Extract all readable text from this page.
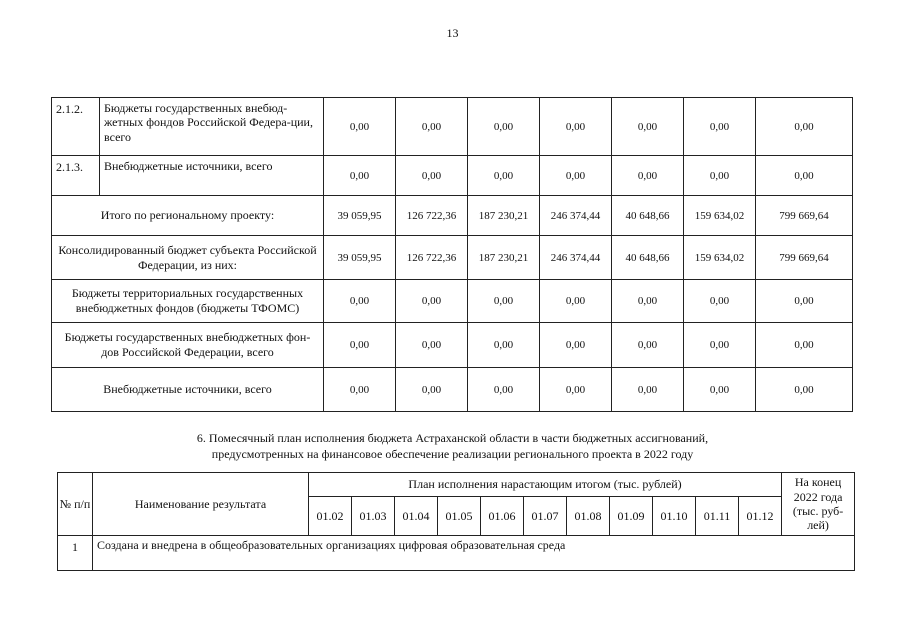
13
2.1.2.	Бюджеты государственных внебюд-жетных фондов Российской Федера-ции, всего	0,00	0,00	0,00	0,00	0,00	0,00	0,00
2.1.3.	Внебюджетные источники, всего	0,00	0,00	0,00	0,00	0,00	0,00	0,00
Итого по региональному проекту:		39 059,95	126 722,36	187 230,21	246 374,44	40 648,66	159 634,02	799 669,64
Консолидированный бюджет субъекта Российской Федерации, из них:		39 059,95	126 722,36	187 230,21	246 374,44	40 648,66	159 634,02	799 669,64
Бюджеты территориальных государственных внебюджетных фондов (бюджеты ТФОМС)		0,00	0,00	0,00	0,00	0,00	0,00	0,00
Бюджеты государственных внебюджетных фон-дов Российской Федерации, всего		0,00	0,00	0,00	0,00	0,00	0,00	0,00
Внебюджетные источники, всего		0,00	0,00	0,00	0,00	0,00	0,00	0,00
6. Помесячный план исполнения бюджета Астраханской области в части бюджетных ассигнований,
предусмотренных на финансовое обеспечение реализации регионального проекта в 2022 году
№ п/п	Наименование результата	План исполнения нарастающим итогом (тыс. рублей)											На конец 2022 года (тыс. руб-лей)
		01.02	01.03	01.04	01.05	01.06	01.07	01.08	01.09	01.10	01.11	01.12	
1	Создана и внедрена в общеобразовательных организациях цифровая образовательная среда												
